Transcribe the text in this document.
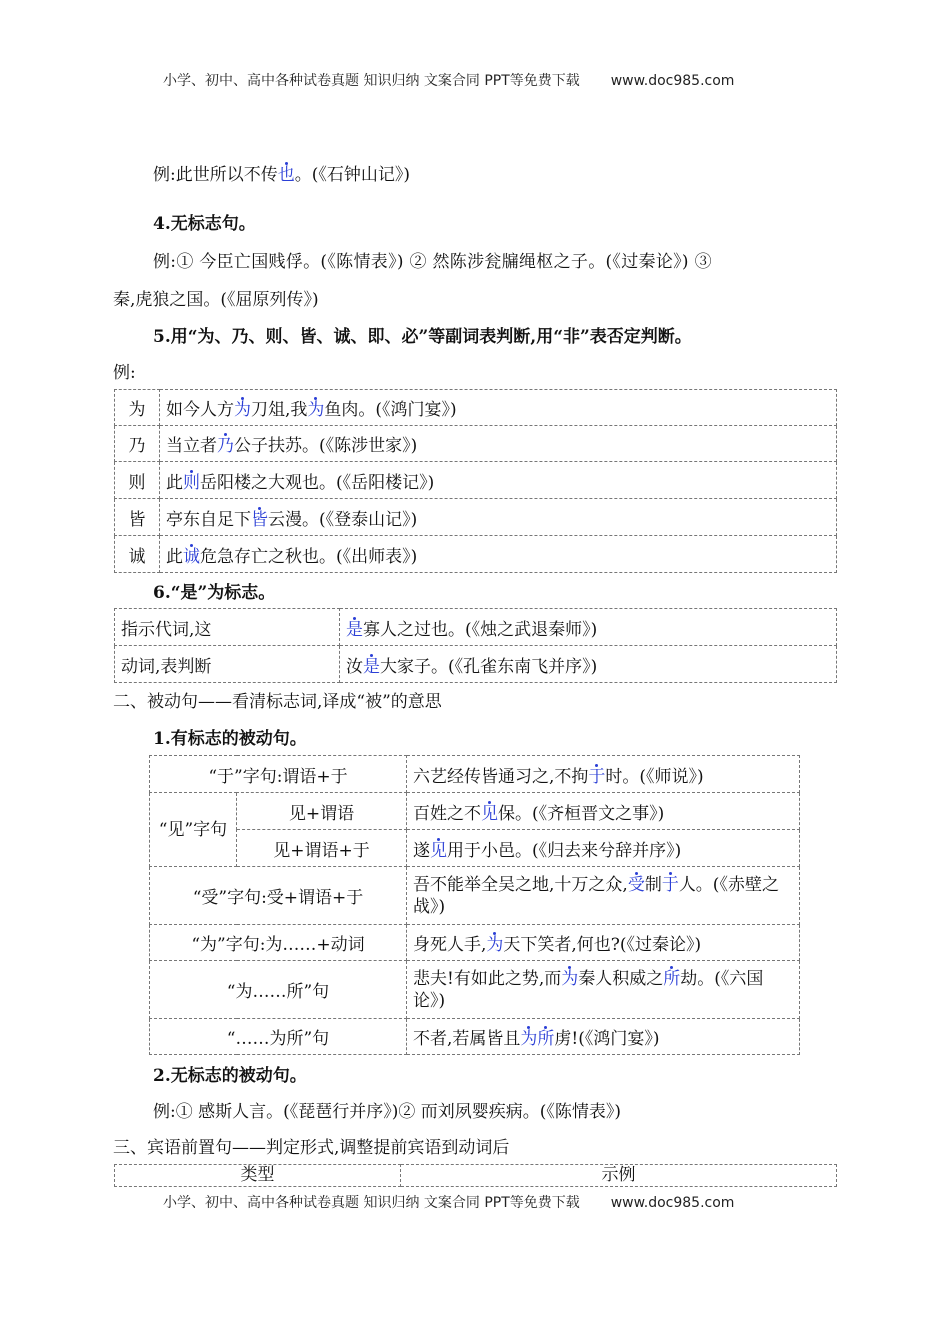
小学、初中、高中各种试卷真题 知识归纳 文案合同 PPT等免费下载 www.doc985.com
例:此世所以不传也。(《石钟山记》)
4.无标志句。
例:① 今臣亡国贱俘。(《陈情表》) ② 然陈涉瓮牖绳枢之子。(《过秦论》) ③
秦,虎狼之国。(《屈原列传》)
5.用“为、乃、则、皆、诚、即、必”等副词表判断,用“非”表否定判断。
例:
为	如今人方为刀俎,我为鱼肉。(《鸿门宴》)
乃	当立者乃公子扶苏。(《陈涉世家》)
则	此则岳阳楼之大观也。(《岳阳楼记》)
皆	亭东自足下皆云漫。(《登泰山记》)
诚	此诚危急存亡之秋也。(《出师表》)
6.“是”为标志。
指示代词,这	是寡人之过也。(《烛之武退秦师》)
动词,表判断	汝是大家子。(《孔雀东南飞并序》)
二、被动句——看清标志词,译成“被”的意思
1.有标志的被动句。
“于”字句:谓语+于		六艺经传皆通习之,不拘于时。(《师说》)
“见”字句	见+谓语	百姓之不见保。(《齐桓晋文之事》)
	见+谓语+于	遂见用于小邑。(《归去来兮辞并序》)
“受”字句:受+谓语+于		吾不能举全吴之地,十万之众,受制于人。(《赤壁之战》)
“为”字句:为……+动词		身死人手,为天下笑者,何也?(《过秦论》)
“为……所”句		悲夫!有如此之势,而为秦人积威之所劫。(《六国论》)
“……为所”句		不者,若属皆且为所虏!(《鸿门宴》)
2.无标志的被动句。
例:① 感斯人言。(《琵琶行并序》)② 而刘夙婴疾病。(《陈情表》)
三、宾语前置句——判定形式,调整提前宾语到动词后
类型	示例
小学、初中、高中各种试卷真题 知识归纳 文案合同 PPT等免费下载 www.doc985.com
